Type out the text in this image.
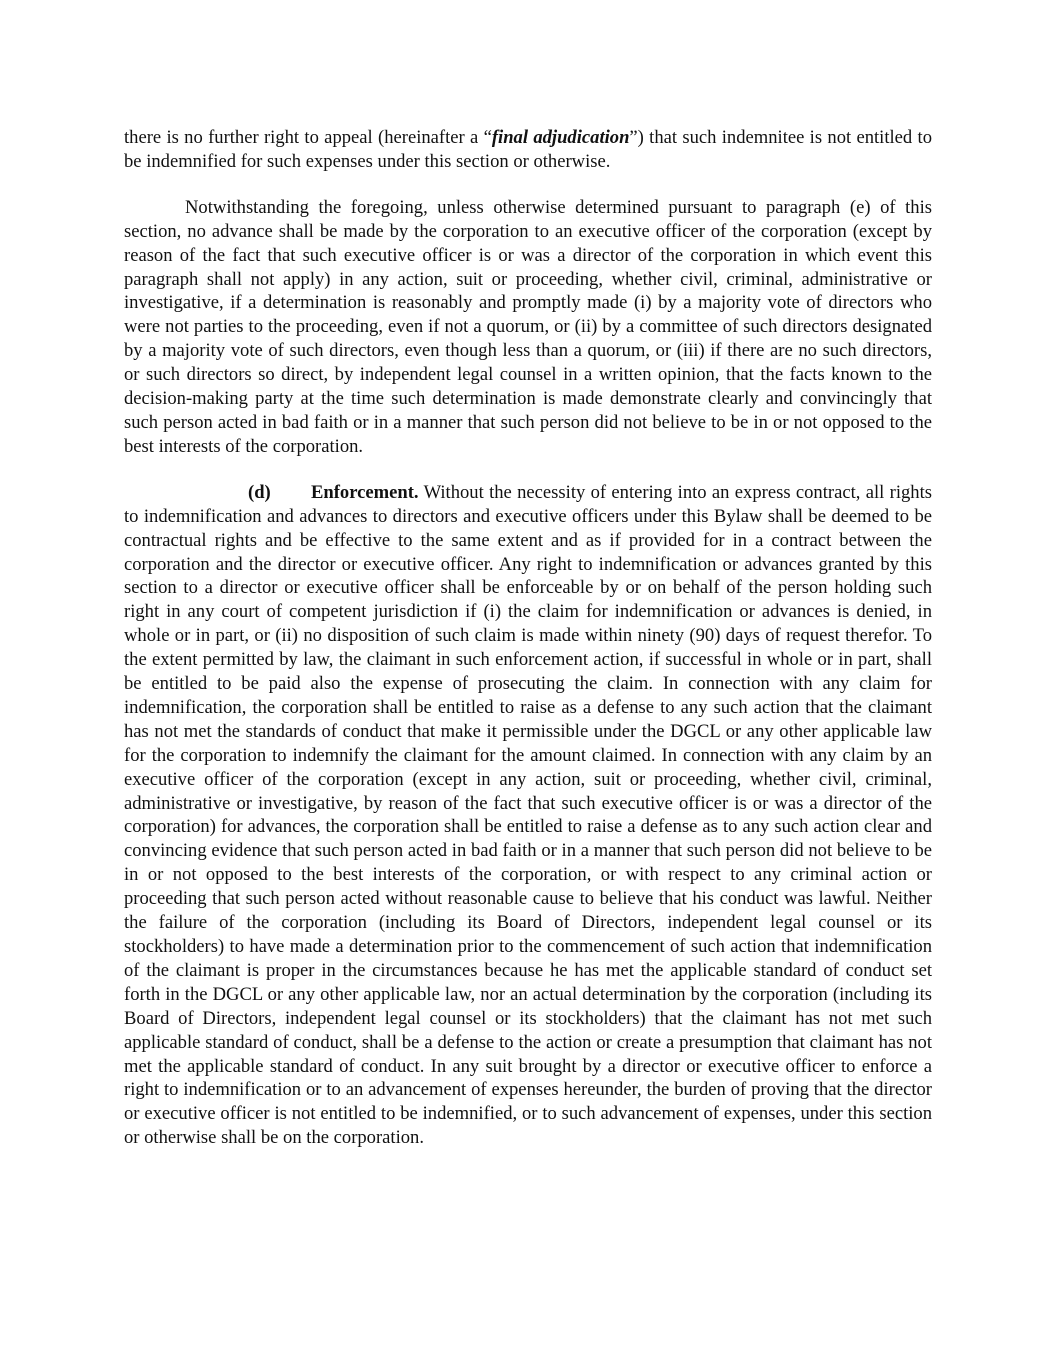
there is no further right to appeal (hereinafter a “final adjudication”) that such indemnitee is not entitled to be indemnified for such expenses under this section or otherwise.

Notwithstanding the foregoing, unless otherwise determined pursuant to paragraph (e) of this section, no advance shall be made by the corporation to an executive officer of the corporation (except by reason of the fact that such executive officer is or was a director of the corporation in which event this paragraph shall not apply) in any action, suit or proceeding, whether civil, criminal, administrative or investigative, if a determination is reasonably and promptly made (i) by a majority vote of directors who were not parties to the proceeding, even if not a quorum, or (ii) by a committee of such directors designated by a majority vote of such directors, even though less than a quorum, or (iii) if there are no such directors, or such directors so direct, by independent legal counsel in a written opinion, that the facts known to the decision-making party at the time such determination is made demonstrate clearly and convincingly that such person acted in bad faith or in a manner that such person did not believe to be in or not opposed to the best interests of the corporation.

(d) Enforcement. Without the necessity of entering into an express contract, all rights to indemnification and advances to directors and executive officers under this Bylaw shall be deemed to be contractual rights and be effective to the same extent and as if provided for in a contract between the corporation and the director or executive officer. Any right to indemnification or advances granted by this section to a director or executive officer shall be enforceable by or on behalf of the person holding such right in any court of competent jurisdiction if (i) the claim for indemnification or advances is denied, in whole or in part, or (ii) no disposition of such claim is made within ninety (90) days of request therefor. To the extent permitted by law, the claimant in such enforcement action, if successful in whole or in part, shall be entitled to be paid also the expense of prosecuting the claim. In connection with any claim for indemnification, the corporation shall be entitled to raise as a defense to any such action that the claimant has not met the standards of conduct that make it permissible under the DGCL or any other applicable law for the corporation to indemnify the claimant for the amount claimed. In connection with any claim by an executive officer of the corporation (except in any action, suit or proceeding, whether civil, criminal, administrative or investigative, by reason of the fact that such executive officer is or was a director of the corporation) for advances, the corporation shall be entitled to raise a defense as to any such action clear and convincing evidence that such person acted in bad faith or in a manner that such person did not believe to be in or not opposed to the best interests of the corporation, or with respect to any criminal action or proceeding that such person acted without reasonable cause to believe that his conduct was lawful. Neither the failure of the corporation (including its Board of Directors, independent legal counsel or its stockholders) to have made a determination prior to the commencement of such action that indemnification of the claimant is proper in the circumstances because he has met the applicable standard of conduct set forth in the DGCL or any other applicable law, nor an actual determination by the corporation (including its Board of Directors, independent legal counsel or its stockholders) that the claimant has not met such applicable standard of conduct, shall be a defense to the action or create a presumption that claimant has not met the applicable standard of conduct. In any suit brought by a director or executive officer to enforce a right to indemnification or to an advancement of expenses hereunder, the burden of proving that the director or executive officer is not entitled to be indemnified, or to such advancement of expenses, under this section or otherwise shall be on the corporation.
